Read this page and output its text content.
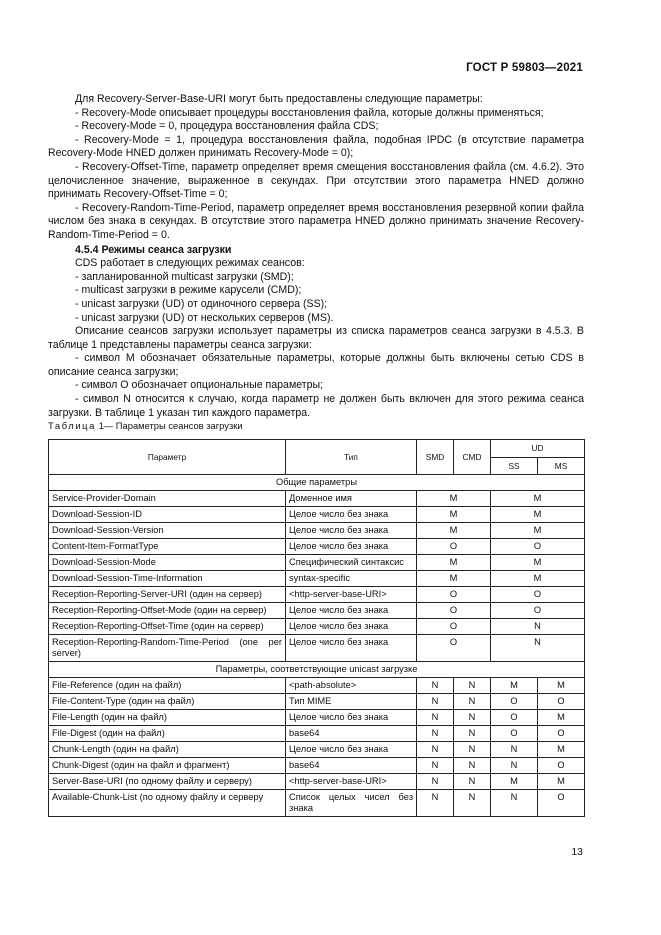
ГОСТ Р 59803—2021

Для Recovery-Server-Base-URI могут быть предоставлены следующие параметры:

- Recovery-Mode описывает процедуры восстановления файла, которые должны применяться;

- Recovery-Mode = 0, процедура восстановления файла CDS;

- Recovery-Mode = 1, процедура восстановления файла, подобная IPDC (в отсутствие параметра Recovery-Mode HNED должен принимать Recovery-Mode = 0);

- Recovery-Offset-Time, параметр определяет время смещения восстановления файла (см. 4.6.2). Это целочисленное значение, выраженное в секундах. При отсутствии этого параметра HNED должно принимать Recovery-Offset-Time = 0;

- Recovery-Random-Time-Period, параметр определяет время восстановления резервной копии файла числом без знака в секундах. В отсутствие этого параметра HNED должно принимать значение Recovery-Random-Time-Period = 0.

4.5.4 Режимы сеанса загрузки

CDS работает в следующих режимах сеансов:

- запланированной multicast загрузки (SMD);

- multicast загрузки в режиме карусели (CMD);

- unicast загрузки (UD) от одиночного сервера (SS);

- unicast загрузки (UD) от нескольких серверов (MS).

Описание сеансов загрузки использует параметры из списка параметров сеанса загрузки в 4.5.3. В таблице 1 представлены параметры сеанса загрузки:

- символ М обозначает обязательные параметры, которые должны быть включены сетью CDS в описание сеанса загрузки;

- символ О обозначает опциональные параметры;

- символ N относится к случаю, когда параметр не должен быть включен для этого режима сеанса загрузки. В таблице 1 указан тип каждого параметра.

Таблица 1— Параметры сеансов загрузки
Параметр	Тип	SMD	CMD	UD	
				SS	MS
Общие параметры					
Service-Provider-Domain	Доменное имя	M		M	
Download-Session-ID	Целое число без знака	M		M	
Download-Session-Version	Целое число без знака	M		M	
Content-Item-FormatType	Целое число без знака	O		O	
Download-Session-Mode	Специфический синтаксис	M		M	
Download-Session-Time-Information	syntax-specific	M		M	
Reception-Reporting-Server-URI (один на сервер)	<http-server-base-URI>	O		O	
Reception-Reporting-Offset-Mode (один на сервер)	Целое число без знака	O		O	
Reception-Reporting-Offset-Time (один на сервер)	Целое число без знака	O		N	
Reception-Reporting-Random-Time-Period (one per server)	Целое число без знака	O		N	
Параметры, соответствующие unicast загрузке					
File-Reference (один на файл)	<path-absolute>	N	N	M	M
File-Content-Type (один на файл)	Тип MIME	N	N	O	O
File-Length (один на файл)	Целое число без знака	N	N	O	M
File-Digest (один на файл)	base64	N	N	O	O
Chunk-Length (один на файл)	Целое число без знака	N	N	N	M
Chunk-Digest (один на файл и фрагмент)	base64	N	N	N	O
Server-Base-URI (по одному файлу и серверу)	<http-server-base-URI>	N	N	M	M
Available-Chunk-List (по одному файлу и серверу	Список целых чисел без знака	N	N	N	O
13
